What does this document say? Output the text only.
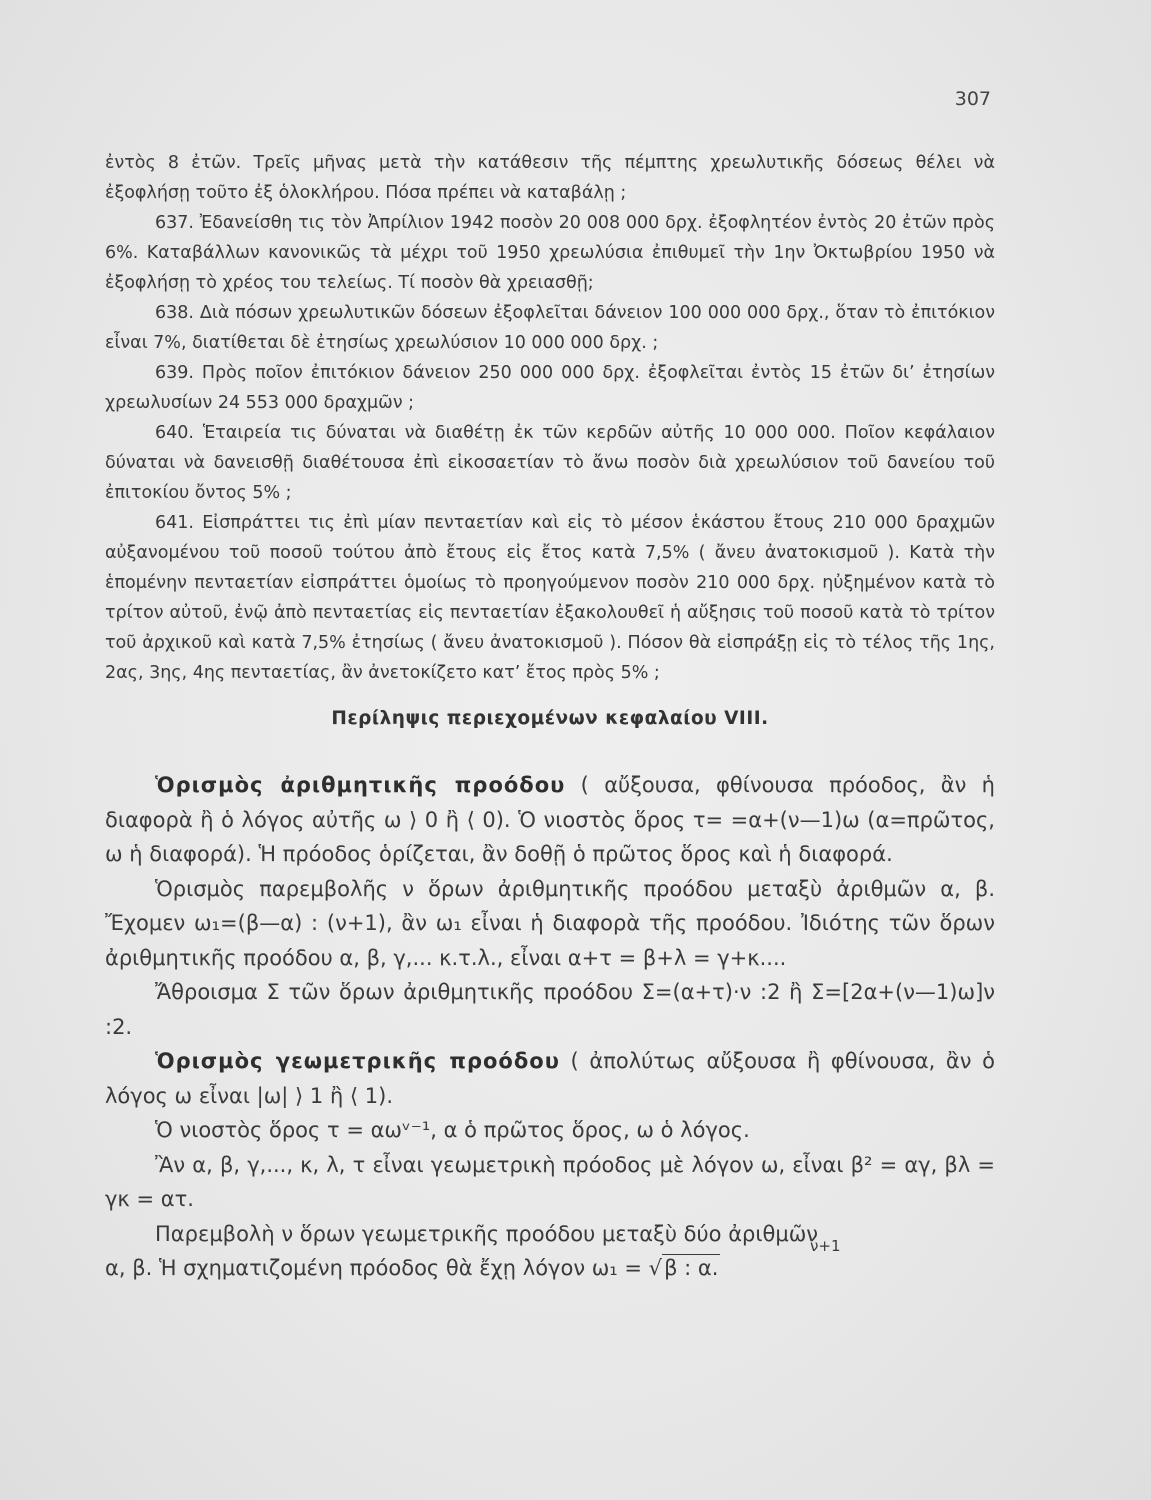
307

ἐντὸς 8 ἐτῶν. Τρεῖς μῆνας μετὰ τὴν κατάθεσιν τῆς πέμπτης χρεωλυτικῆς δόσεως θέλει νὰ ἐξοφλήσῃ τοῦτο ἐξ ὁλοκλήρου. Πόσα πρέπει νὰ καταβάλῃ ;

637. Ἐδανείσθη τις τὸν Ἀπρίλιον 1942 ποσὸν 20 008 000 δρχ. ἐξοφλητέον ἐντὸς 20 ἐτῶν πρὸς 6%. Καταβάλλων κανονικῶς τὰ μέχρι τοῦ 1950 χρεωλύσια ἐπιθυμεῖ τὴν 1ην Ὀκτωβρίου 1950 νὰ ἐξοφλήσῃ τὸ χρέος του τελείως. Τί ποσὸν θὰ χρειασθῇ;

638. Διὰ πόσων χρεωλυτικῶν δόσεων ἐξοφλεῖται δάνειον 100 000 000 δρχ., ὅταν τὸ ἐπιτόκιον εἶναι 7%, διατίθεται δὲ ἐτησίως χρεωλύσιον 10 000 000 δρχ. ;

639. Πρὸς ποῖον ἐπιτόκιον δάνειον 250 000 000 δρχ. ἐξοφλεῖται ἐντὸς 15 ἐτῶν δι’ ἐτησίων χρεωλυσίων 24 553 000 δραχμῶν ;

640. Ἑταιρεία τις δύναται νὰ διαθέτῃ ἐκ τῶν κερδῶν αὐτῆς 10 000 000. Ποῖον κεφάλαιον δύναται νὰ δανεισθῇ διαθέτουσα ἐπὶ εἰκοσαετίαν τὸ ἄνω ποσὸν διὰ χρεωλύσιον τοῦ δανείου τοῦ ἐπιτοκίου ὄντος 5% ;

641. Εἰσπράττει τις ἐπὶ μίαν πενταετίαν καὶ εἰς τὸ μέσον ἑκάστου ἔτους 210 000 δραχμῶν αὐξανομένου τοῦ ποσοῦ τούτου ἀπὸ ἔτους εἰς ἔτος κατὰ 7,5% ( ἄνευ ἀνατοκισμοῦ ). Κατὰ τὴν ἑπομένην πενταετίαν εἰσπράττει ὁμοίως τὸ προηγούμενον ποσὸν 210 000 δρχ. ηὐξημένον κατὰ τὸ τρίτον αὐτοῦ, ἐνῷ ἀπὸ πενταετίας εἰς πενταετίαν ἐξακολουθεῖ ἡ αὔξησις τοῦ ποσοῦ κατὰ τὸ τρίτον τοῦ ἀρχικοῦ καὶ κατὰ 7,5% ἐτησίως ( ἄνευ ἀνατοκισμοῦ ). Πόσον θὰ εἰσπράξῃ εἰς τὸ τέλος τῆς 1ης, 2ας, 3ης, 4ης πενταετίας, ἂν ἀνετοκίζετο κατ’ ἔτος πρὸς 5% ;

Περίληψις περιεχομένων κεφαλαίου VIII.

Ὁρισμὸς ἀριθμητικῆς προόδου ( αὔξουσα, φθίνουσα πρόοδος, ἂν ἡ διαφορὰ ἢ ὁ λόγος αὐτῆς ω ⟩ 0 ἢ ⟨ 0). Ὁ νιοστὸς ὅρος τ= =α+(ν—1)ω (α=πρῶτος, ω ἡ διαφορά). Ἡ πρόοδος ὁρίζεται, ἂν δοθῇ ὁ πρῶτος ὅρος καὶ ἡ διαφορά.

Ὁρισμὸς παρεμβολῆς ν ὅρων ἀριθμητικῆς προόδου μεταξὺ ἀριθμῶν α, β. Ἔχομεν ω₁=(β—α) : (ν+1), ἂν ω₁ εἶναι ἡ διαφορὰ τῆς προόδου. Ἰδιότης τῶν ὅρων ἀριθμητικῆς προόδου α, β, γ,... κ.τ.λ., εἶναι α+τ = β+λ = γ+κ....

Ἄθροισμα Σ τῶν ὅρων ἀριθμητικῆς προόδου Σ=(α+τ)·ν :2 ἢ Σ=[2α+(ν—1)ω]ν :2.

Ὁρισμὸς γεωμετρικῆς προόδου ( ἀπολύτως αὔξουσα ἢ φθίνουσα, ἂν ὁ λόγος ω εἶναι |ω| ⟩ 1 ἢ ⟨ 1).

Ὁ νιοστὸς ὅρος τ = αωᵛ⁻¹, α ὁ πρῶτος ὅρος, ω ὁ λόγος.

Ἂν α, β, γ,..., κ, λ, τ εἶναι γεωμετρικὴ πρόοδος μὲ λόγον ω, εἶναι β² = αγ, βλ = γκ = ατ.

Παρεμβολὴ ν ὅρων γεωμετρικῆς προόδου μεταξὺ δύο ἀριθμῶν

ν+1
α, β. Ἡ σχηματιζομένη πρόοδος θὰ ἔχῃ λόγον ω₁ = √β : α.
